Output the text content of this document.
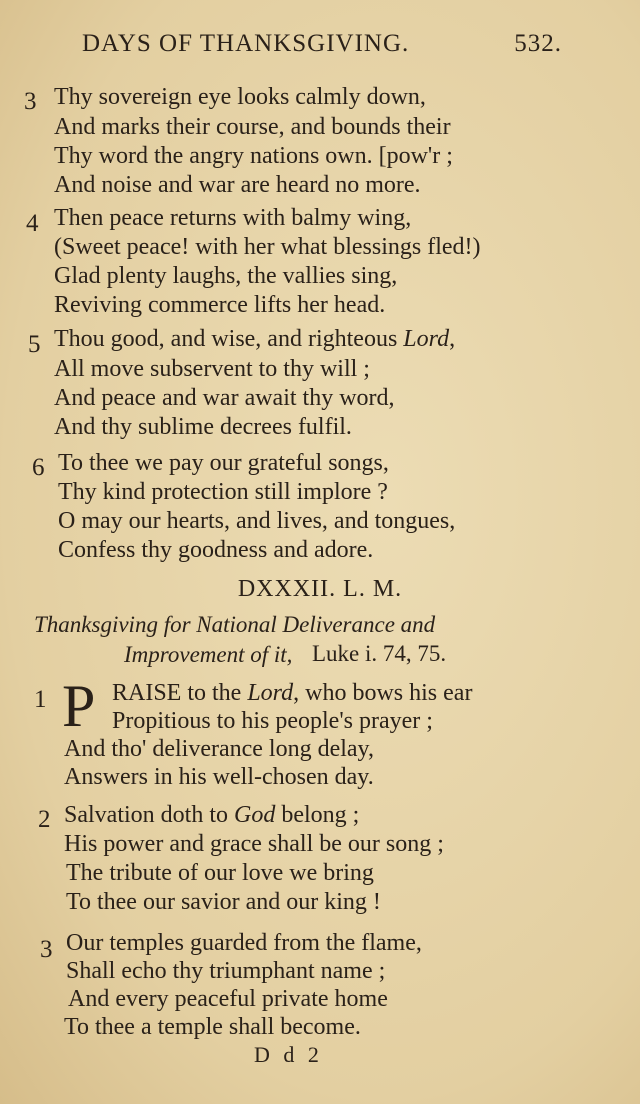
DAYS OF THANKSGIVING.	532.
3 Thy sovereign eye looks calmly down,
And marks their course, and bounds their
Thy word the angry nations own. [pow'r ;
And noise and war are heard no more.
4 Then peace returns with balmy wing,
(Sweet peace! with her what blessings fled!)
Glad plenty laughs, the vallies sing,
Reviving commerce lifts her head.
5 Thou good, and wise, and righteous Lord,
All move subservent to thy will ;
And peace and war await thy word,
And thy sublime decrees fulfil.
6 To thee we pay our grateful songs,
Thy kind protection still implore ?
O may our hearts, and lives, and tongues,
Confess thy goodness and adore.
DXXXII. L. M.
Thanksgiving for National Deliverance and
Improvement of it, Luke i. 74, 75.
1 P RAISE to the Lord, who bows his ear
Propitious to his people's prayer ;
And tho' deliverance long delay,
Answers in his well-chosen day.
2 Salvation doth to God belong ;
His power and grace shall be our song ;
The tribute of our love we bring
To thee our savior and our king !
3 Our temples guarded from the flame,
Shall echo thy triumphant name ;
And every peaceful private home
To thee a temple shall become.
D d 2
